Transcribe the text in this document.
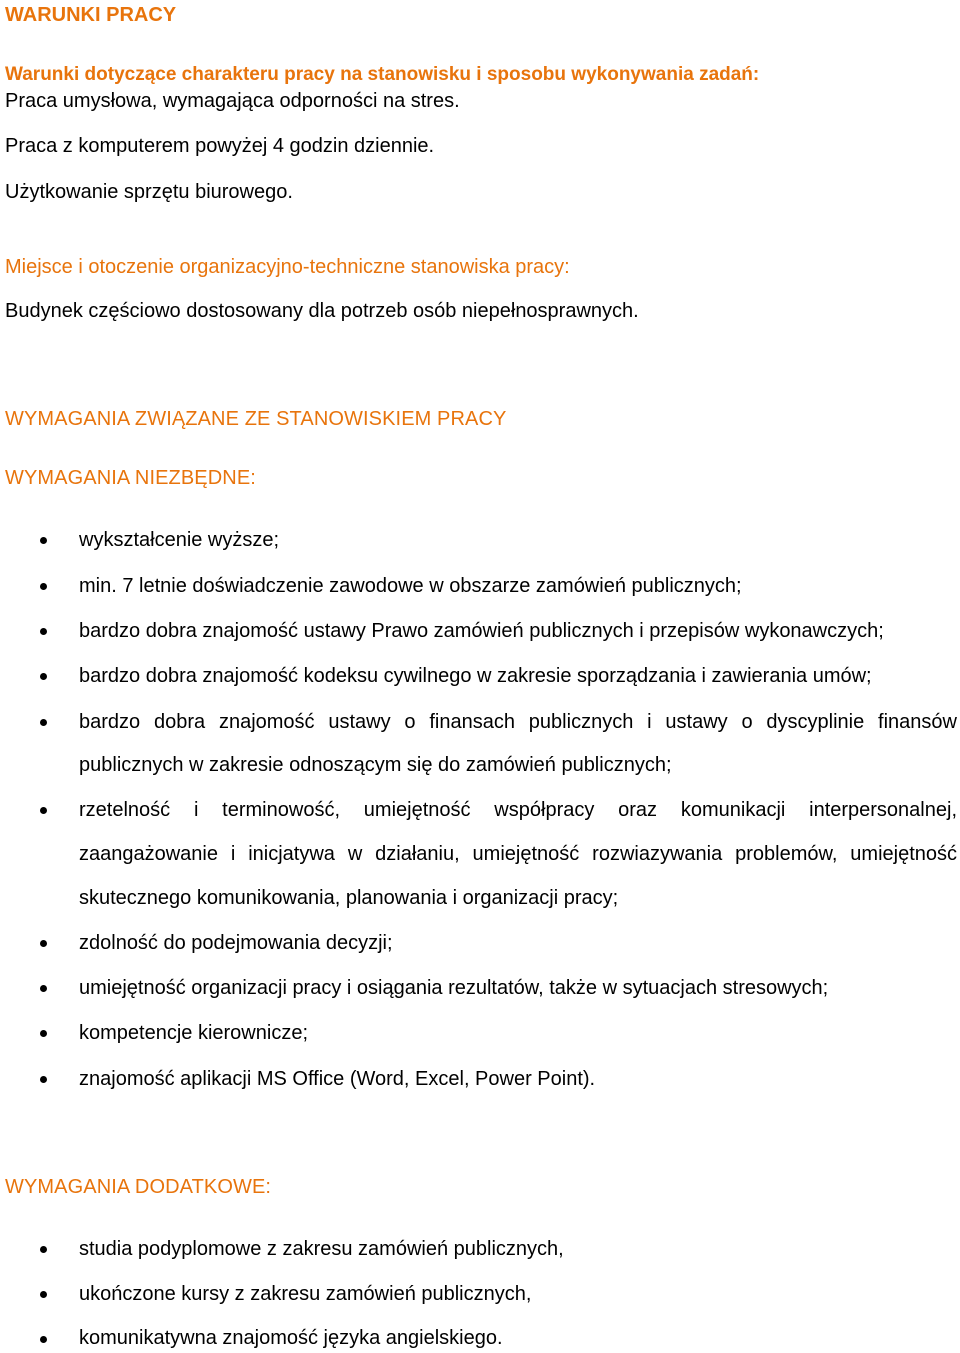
WARUNKI PRACY
Warunki dotyczące charakteru pracy na stanowisku i sposobu wykonywania zadań:
Praca umysłowa, wymagająca odporności na stres.
Praca z komputerem powyżej 4 godzin dziennie.
Użytkowanie sprzętu biurowego.
Miejsce i otoczenie organizacyjno-techniczne stanowiska pracy:
Budynek częściowo dostosowany dla potrzeb osób niepełnosprawnych.
WYMAGANIA ZWIĄZANE ZE STANOWISKIEM PRACY
WYMAGANIA NIEZBĘDNE:
wykształcenie wyższe;
min. 7 letnie doświadczenie zawodowe w obszarze zamówień publicznych;
bardzo dobra znajomość ustawy Prawo zamówień publicznych i przepisów wykonawczych;
bardzo dobra znajomość kodeksu cywilnego w zakresie sporządzania i zawierania umów;
bardzo dobra znajomość ustawy o finansach publicznych i ustawy o dyscyplinie finansów
publicznych w zakresie odnoszącym się do zamówień publicznych;
rzetelność i terminowość, umiejętność współpracy oraz komunikacji interpersonalnej,
zaangażowanie i inicjatywa w działaniu, umiejętność rozwiazywania problemów, umiejętność
skutecznego komunikowania, planowania i organizacji pracy;
zdolność do podejmowania decyzji;
umiejętność organizacji pracy i osiągania rezultatów, także w sytuacjach stresowych;
kompetencje kierownicze;
znajomość aplikacji MS Office (Word, Excel, Power Point).
WYMAGANIA DODATKOWE:
studia podyplomowe z zakresu zamówień publicznych,
ukończone kursy z zakresu zamówień publicznych,
komunikatywna znajomość języka angielskiego.
